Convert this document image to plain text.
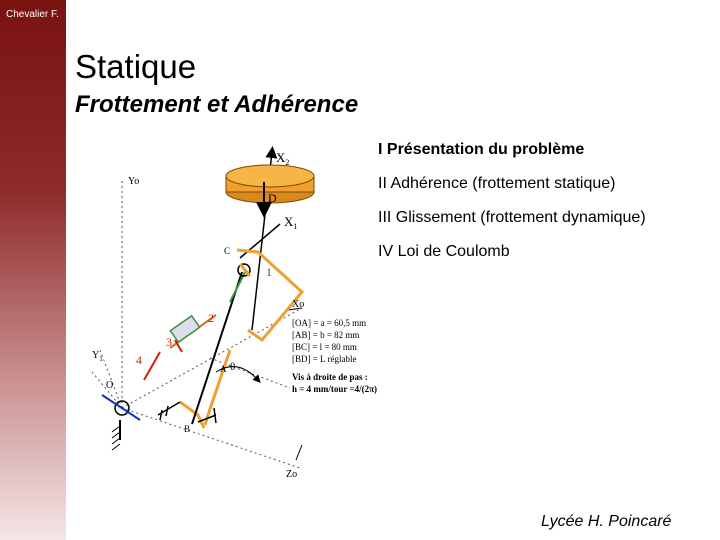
Chevalier F.
Statique
Frottement et Adhérence
I Présentation du problème
II Adhérence (frottement statique)
III Glissement (frottement dynamique)
IV Loi de Coulomb
$X_2$
$X_1$
Yo
Xo
Zo
$Y_1$
D
C
1
2
3
4
A
B
O
θ
[OA] = a = 60,5 mm
[AB] = b = 82 mm
[BC] = l = 80 mm
[BD] = L réglable
Vis à droite de pas :
h = 4 mm/tour =4/(2π)
Lycée H. Poincaré
